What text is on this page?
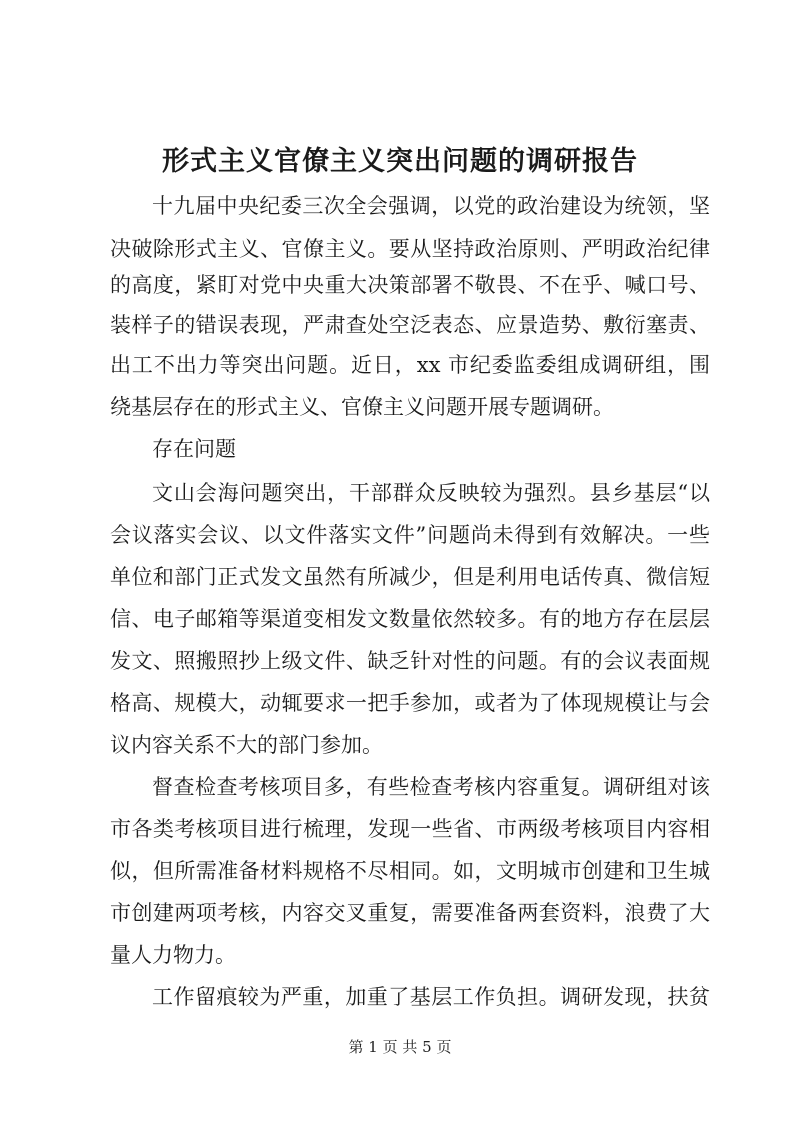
形式主义官僚主义突出问题的调研报告

十九届中央纪委三次全会强调，以党的政治建设为统领，坚

决破除形式主义、官僚主义。要从坚持政治原则、严明政治纪律

的高度，紧盯对党中央重大决策部署不敬畏、不在乎、喊口号、

装样子的错误表现，严肃查处空泛表态、应景造势、敷衍塞责、

出工不出力等突出问题。近日，xx 市纪委监委组成调研组，围

绕基层存在的形式主义、官僚主义问题开展专题调研。

存在问题

文山会海问题突出，干部群众反映较为强烈。县乡基层“以

会议落实会议、以文件落实文件”问题尚未得到有效解决。一些

单位和部门正式发文虽然有所减少，但是利用电话传真、微信短

信、电子邮箱等渠道变相发文数量依然较多。有的地方存在层层

发文、照搬照抄上级文件、缺乏针对性的问题。有的会议表面规

格高、规模大，动辄要求一把手参加，或者为了体现规模让与会

议内容关系不大的部门参加。

督查检查考核项目多，有些检查考核内容重复。调研组对该

市各类考核项目进行梳理，发现一些省、市两级考核项目内容相

似，但所需准备材料规格不尽相同。如，文明城市创建和卫生城

市创建两项考核，内容交叉重复，需要准备两套资料，浪费了大

量人力物力。

工作留痕较为严重，加重了基层工作负担。调研发现，扶贫

第 1 页 共 5 页
